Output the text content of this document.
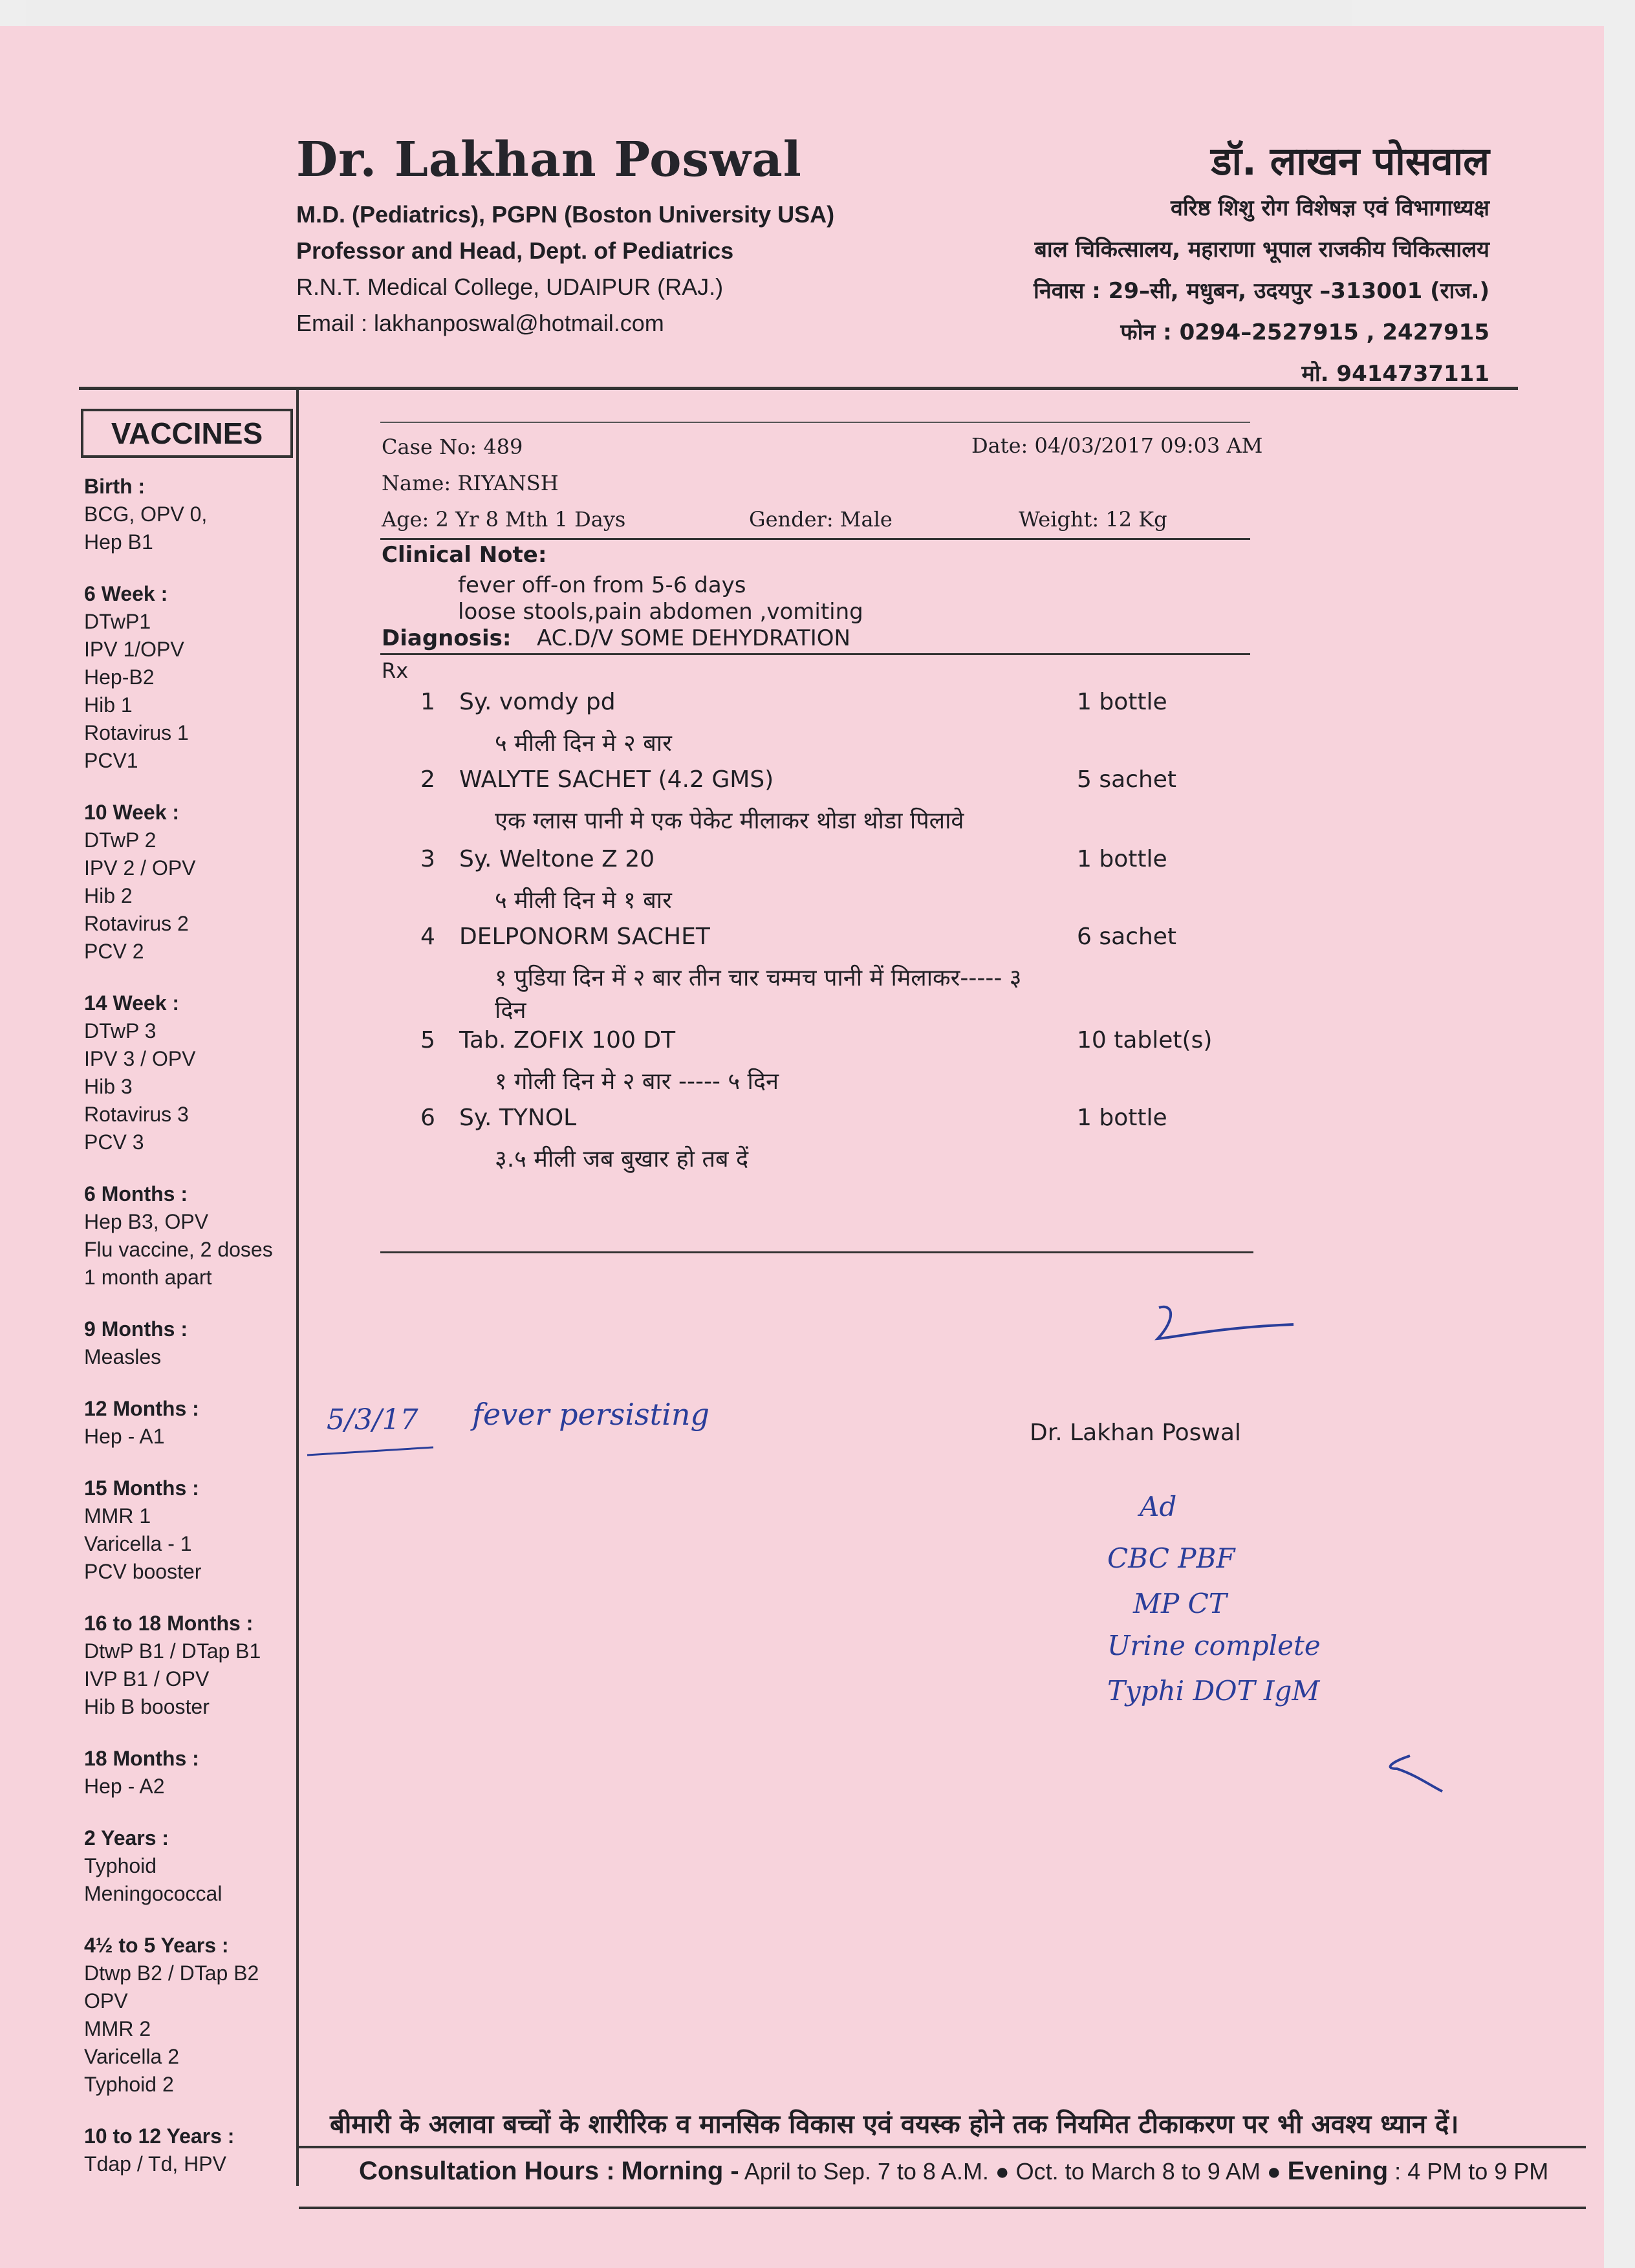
Dr. Lakhan Poswal
M.D. (Pediatrics), PGPN (Boston University USA)
Professor and Head, Dept. of Pediatrics
R.N.T. Medical College, UDAIPUR (RAJ.)
Email : lakhanposwal@hotmail.com
डॉ. लाखन पोसवाल
वरिष्ठ शिशु रोग विशेषज्ञ एवं विभागाध्यक्ष
बाल चिकित्सालय, महाराणा भूपाल राजकीय चिकित्सालय
निवास : 29–सी, मधुबन, उदयपुर –313001 (राज.)
फोन : 0294–2527915 , 2427915
मो. 9414737111
VACCINES
Birth :
BCG, OPV 0,
Hep B1
6 Week :
DTwP1
IPV 1/OPV
Hep-B2
Hib 1
Rotavirus 1
PCV1
10 Week :
DTwP 2
IPV 2 / OPV
Hib 2
Rotavirus 2
PCV 2
14 Week :
DTwP 3
IPV 3 / OPV
Hib 3
Rotavirus 3
PCV 3
6 Months :
Hep B3, OPV
Flu vaccine, 2 doses
1 month apart
9 Months :
Measles
12 Months :
Hep - A1
15 Months :
MMR 1
Varicella - 1
PCV booster
16 to 18 Months :
DtwP B1 / DTap B1
IVP B1 / OPV
Hib B booster
18 Months :
Hep - A2
2 Years :
Typhoid
Meningococcal
4½ to 5 Years :
Dtwp B2 / DTap B2
OPV
MMR 2
Varicella 2
Typhoid 2
10 to 12 Years :
Tdap / Td, HPV
Case No: 489	Date: 04/03/2017 09:03 AM
Name: RIYANSH
Age: 2 Yr 8 Mth 1 Days	Gender: Male	Weight: 12 Kg
Clinical Note:
fever off-on from 5-6 days
loose stools,pain abdomen ,vomiting
Diagnosis: AC.D/V SOME DEHYDRATION
Rx
1 Sy. vomdy pd	1 bottle
५ मीली दिन मे २ बार
2 WALYTE SACHET (4.2 GMS)	5 sachet
एक ग्लास पानी मे एक पेकेट मीलाकर थोडा थोडा पिलावे
3 Sy. Weltone Z 20	1 bottle
५ मीली दिन मे १ बार
4 DELPONORM SACHET	6 sachet
१ पुडिया दिन में २ बार तीन चार चम्मच पानी में मिलाकर----- ३
दिन
5 Tab. ZOFIX 100 DT	10 tablet(s)
१ गोली दिन मे २ बार ----- ५ दिन
6 Sy. TYNOL	1 bottle
३.५ मीली जब बुखार हो तब दें
Dr. Lakhan Poswal
5/3/17 fever persisting
Ad
CBC PBF
MP CT
Urine complete
Typhi DOT IgM
बीमारी के अलावा बच्चों के शारीरिक व मानसिक विकास एवं वयस्क होने तक नियमित टीकाकरण पर भी अवश्य ध्यान दें।
Consultation Hours : Morning - April to Sep. 7 to 8 A.M. ● Oct. to March 8 to 9 AM ● Evening : 4 PM to 9 PM
